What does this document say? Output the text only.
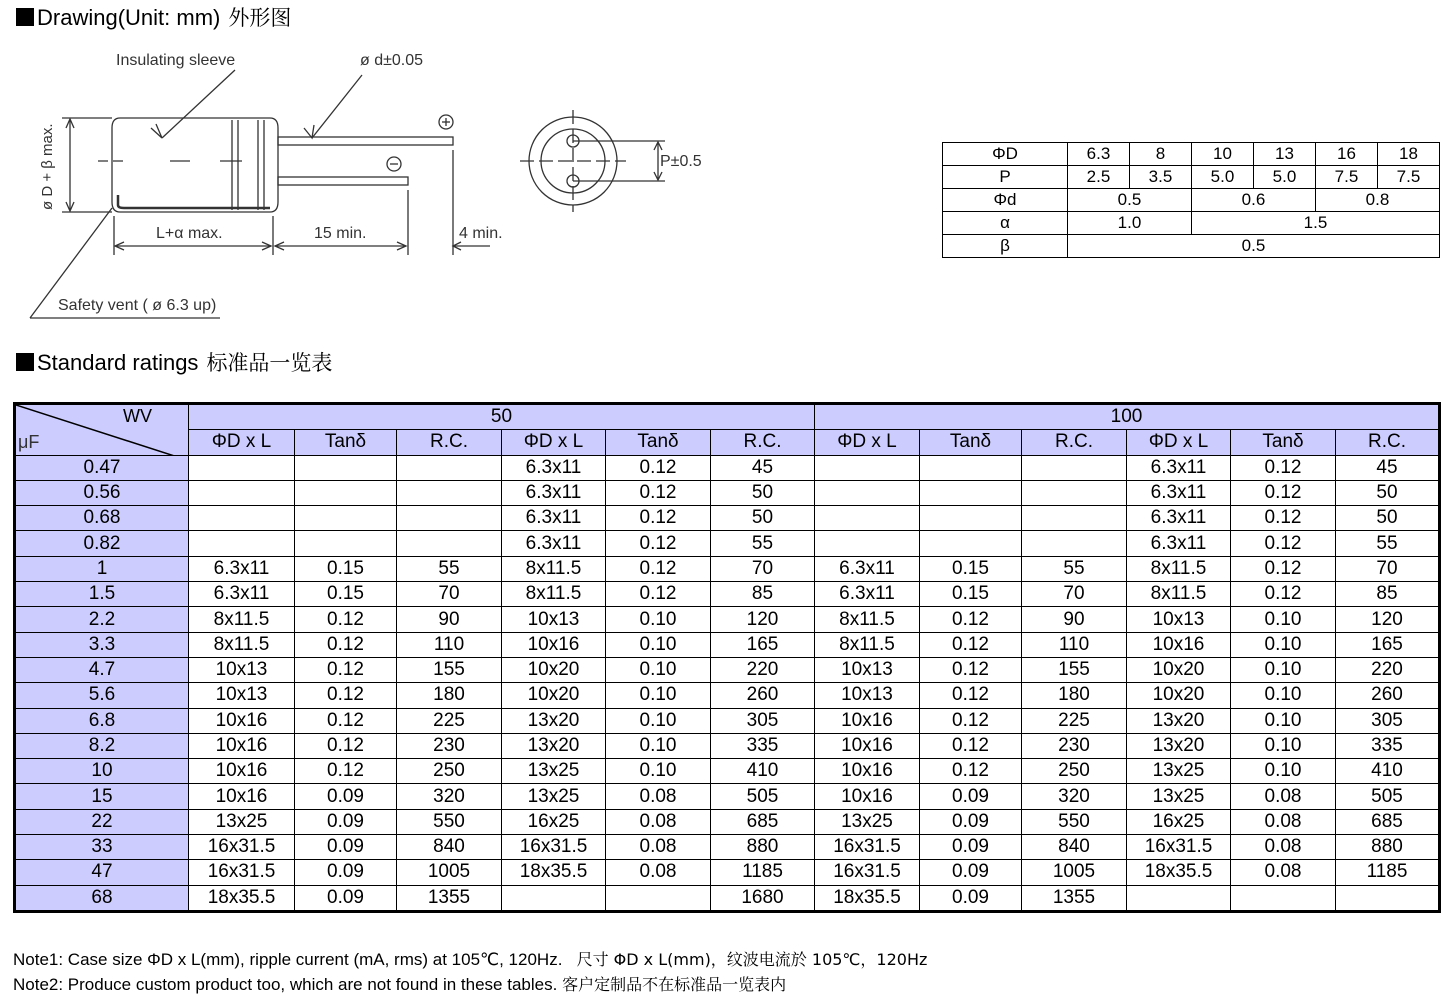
Drawing(Unit: mm) 外形图
Insulating sleeve	ø d±0.05
ø D + β max.
L+α max.	15 min.	4 min.
Safety vent ( ø 6.3 up)
P±0.5	ΦD	6.3	8	10	13	16	18
P	2.5	3.5	5.0	5.0	7.5	7.5
Φd	0.5		0.6		0.8	
α	1.0		1.5			
β	0.5					
Standard ratings 标准品一览表
WV
μF	50						100					
	ΦD x L	Tanδ	R.C.	ΦD x L	Tanδ	R.C.	ΦD x L	Tanδ	R.C.	ΦD x L	Tanδ	R.C.
0.47				6.3x11	0.12	45				6.3x11	0.12	45
0.56				6.3x11	0.12	50				6.3x11	0.12	50
0.68				6.3x11	0.12	50				6.3x11	0.12	50
0.82				6.3x11	0.12	55				6.3x11	0.12	55
1	6.3x11	0.15	55	8x11.5	0.12	70	6.3x11	0.15	55	8x11.5	0.12	70
1.5	6.3x11	0.15	70	8x11.5	0.12	85	6.3x11	0.15	70	8x11.5	0.12	85
2.2	8x11.5	0.12	90	10x13	0.10	120	8x11.5	0.12	90	10x13	0.10	120
3.3	8x11.5	0.12	110	10x16	0.10	165	8x11.5	0.12	110	10x16	0.10	165
4.7	10x13	0.12	155	10x20	0.10	220	10x13	0.12	155	10x20	0.10	220
5.6	10x13	0.12	180	10x20	0.10	260	10x13	0.12	180	10x20	0.10	260
6.8	10x16	0.12	225	13x20	0.10	305	10x16	0.12	225	13x20	0.10	305
8.2	10x16	0.12	230	13x20	0.10	335	10x16	0.12	230	13x20	0.10	335
10	10x16	0.12	250	13x25	0.10	410	10x16	0.12	250	13x25	0.10	410
15	10x16	0.09	320	13x25	0.08	505	10x16	0.09	320	13x25	0.08	505
22	13x25	0.09	550	16x25	0.08	685	13x25	0.09	550	16x25	0.08	685
33	16x31.5	0.09	840	16x31.5	0.08	880	16x31.5	0.09	840	16x31.5	0.08	880
47	16x31.5	0.09	1005	18x35.5	0.08	1185	16x31.5	0.09	1005	18x35.5	0.08	1185
68	18x35.5	0.09	1355			1680	18x35.5	0.09	1355			
Note1: Case size ΦD x L(mm), ripple current (mA, rms) at 105℃, 120Hz. 尺寸 ΦD x L(mm)，纹波电流於 105℃，120Hz
Note2: Produce custom product too, which are not found in these tables. 客户定制品不在标准品一览表内
